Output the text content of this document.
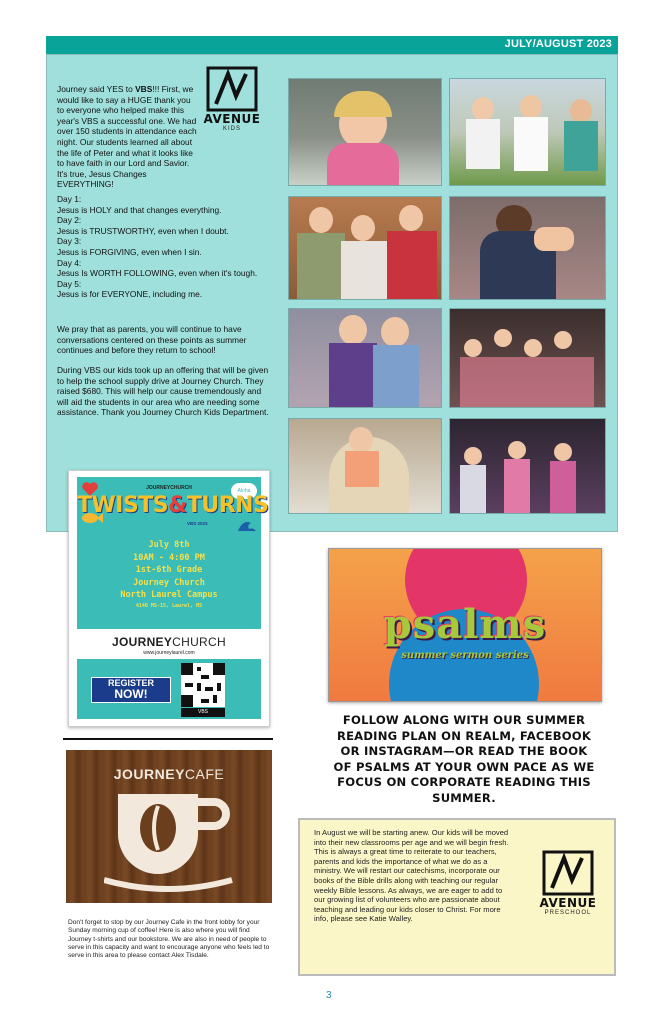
JULY/AUGUST 2023
Journey said YES to VBS!!! First, we would like to say a HUGE thank you to everyone who helped make this year's VBS a successful one. We had over 150 students in attendance each night. Our students learned all about the life of Peter and what it looks like to have faith in our Lord and Savior. It's true, Jesus Changes EVERYTHING!
AVENUE
KIDS
Day 1:
Jesus is HOLY and that changes everything.
Day 2:
Jesus is TRUSTWORTHY, even when I doubt.
Day 3:
Jesus is FORGIVING, even when I sin.
Day 4:
Jesus Is WORTH FOLLOWING, even when it's tough.
Day 5:
Jesus is for EVERYONE, including me.
We pray that as parents, you will continue to have conversations centered on these points as summer continues and before they return to school!
During VBS our kids took up an offering that will be given to help the school supply drive at Journey Church. They raised $680. This will help our cause tremendously and will aid the students in our area who are needing some assistance. Thank you Journey Church Kids Department.
Aloha
JOURNEYCHURCH
TWISTS&TURNS
VBS 2023
July 8th
10AM - 4:00 PM
1st-6th Grade
Journey Church
North Laurel Campus
4140 MS-15, Laurel, MS
JOURNEYCHURCH
www.journeylaurel.com
REGISTER
NOW!
VBS
psalms
summer sermon series
FOLLOW ALONG WITH OUR SUMMER READING PLAN ON REALM, FACEBOOK OR INSTAGRAM—OR READ THE BOOK OF PSALMS AT YOUR OWN PACE AS WE FOCUS ON CORPORATE READING THIS SUMMER.
JOURNEYCAFE
Don't forget to stop by our Journey Cafe in the front lobby for your Sunday morning cup of coffee! Here is also where you will find Journey t-shirts and our bookstore. We are also in need of people to serve in this capacity and want to encourage anyone who feels led to serve in this area to please contact Alex Tisdale.
In August we will be starting anew. Our kids will be moved into their new classrooms per age and we will begin fresh. This is always a great time to reiterate to our teachers, parents and kids the importance of what we do as a ministry. We will restart our catechisms, incorporate our books of the Bible drills along with teaching our regular weekly Bible lessons. As always, we are eager to add to our growing list of volunteers who are passionate about teaching and leading our kids closer to Christ. For more info, please see Katie Walley.
AVENUE
PRESCHOOL
3
